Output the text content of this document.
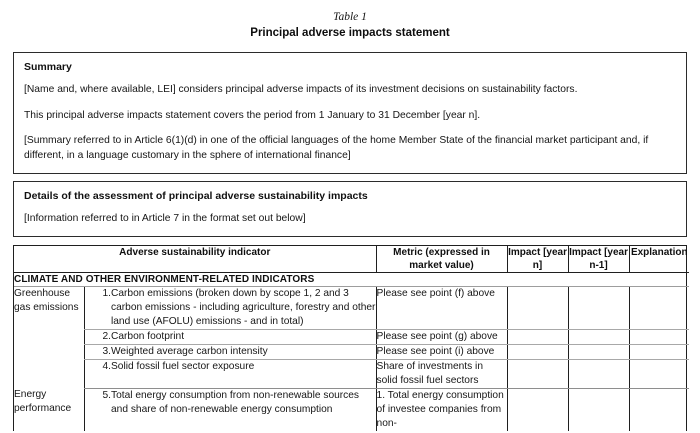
Table 1
Principal adverse impacts statement
Summary

[Name and, where available, LEI] considers principal adverse impacts of its investment decisions on sustainability factors.

This principal adverse impacts statement covers the period from 1 January to 31 December [year n].

[Summary referred to in Article 6(1)(d) in one of the official languages of the home Member State of the financial market participant and, if different, in a language customary in the sphere of international finance]

Details of the assessment of principal adverse sustainability impacts

[Information referred to in Article 7 in the format set out below]

Adverse sustainability indicator			Metric (expressed in market value)	Impact [year n]	Impact [year n-1]	Explanation
CLIMATE AND OTHER ENVIRONMENT-RELATED INDICATORS						
Greenhouse gas emissions	1.	Carbon emissions (broken down by scope 1, 2 and 3 carbon emissions - including agriculture, forestry and other land use (AFOLU) emissions - and in total)	Please see point (f) above			
	2.	Carbon footprint	Please see point (g) above			
	3.	Weighted average carbon intensity	Please see point (i) above			
	4.	Solid fossil fuel sector exposure	Share of investments in solid fossil fuel sectors			
Energy performance	5.	Total energy consumption from non-renewable sources and share of non-renewable energy consumption	1. Total energy consumption of investee companies from non-			
